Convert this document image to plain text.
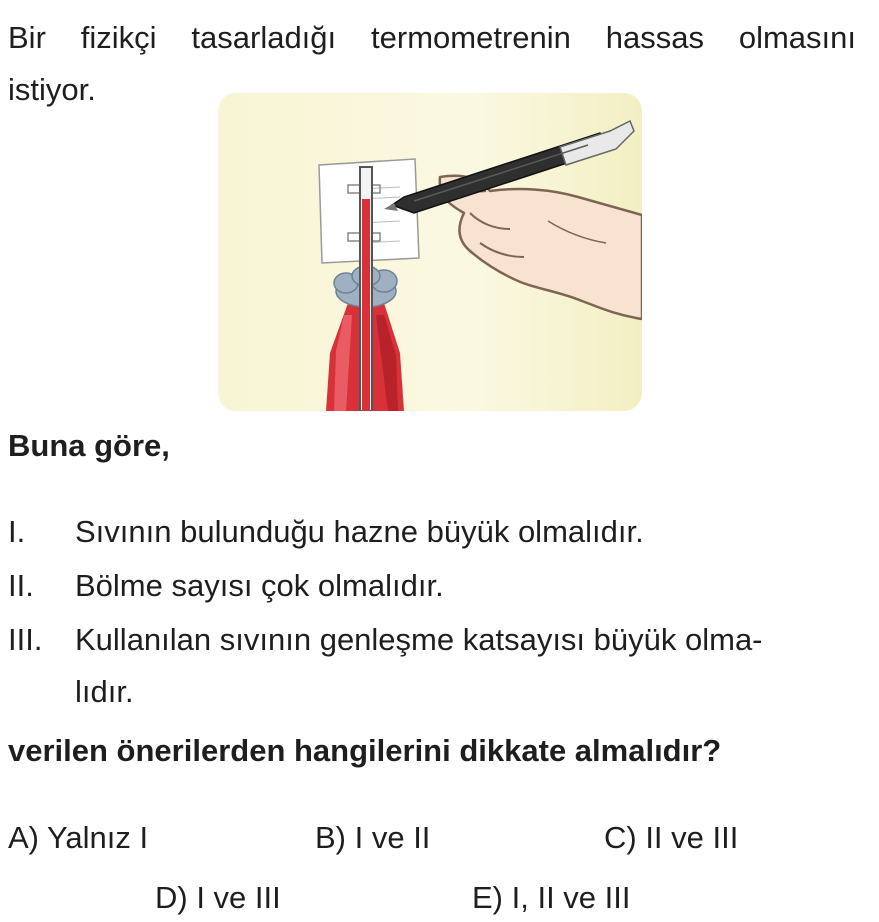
Bir fizikçi tasarladığı termometrenin hassas olmasını
istiyor.
Buna göre,
I. Sıvının bulunduğu hazne büyük olmalıdır.
II. Bölme sayısı çok olmalıdır.
III. Kullanılan sıvının genleşme katsayısı büyük olma-
lıdır.
verilen önerilerden hangilerini dikkate almalıdır?
A) Yalnız I	B) I ve II	C) II ve III
D) I ve III	E) I, II ve III
